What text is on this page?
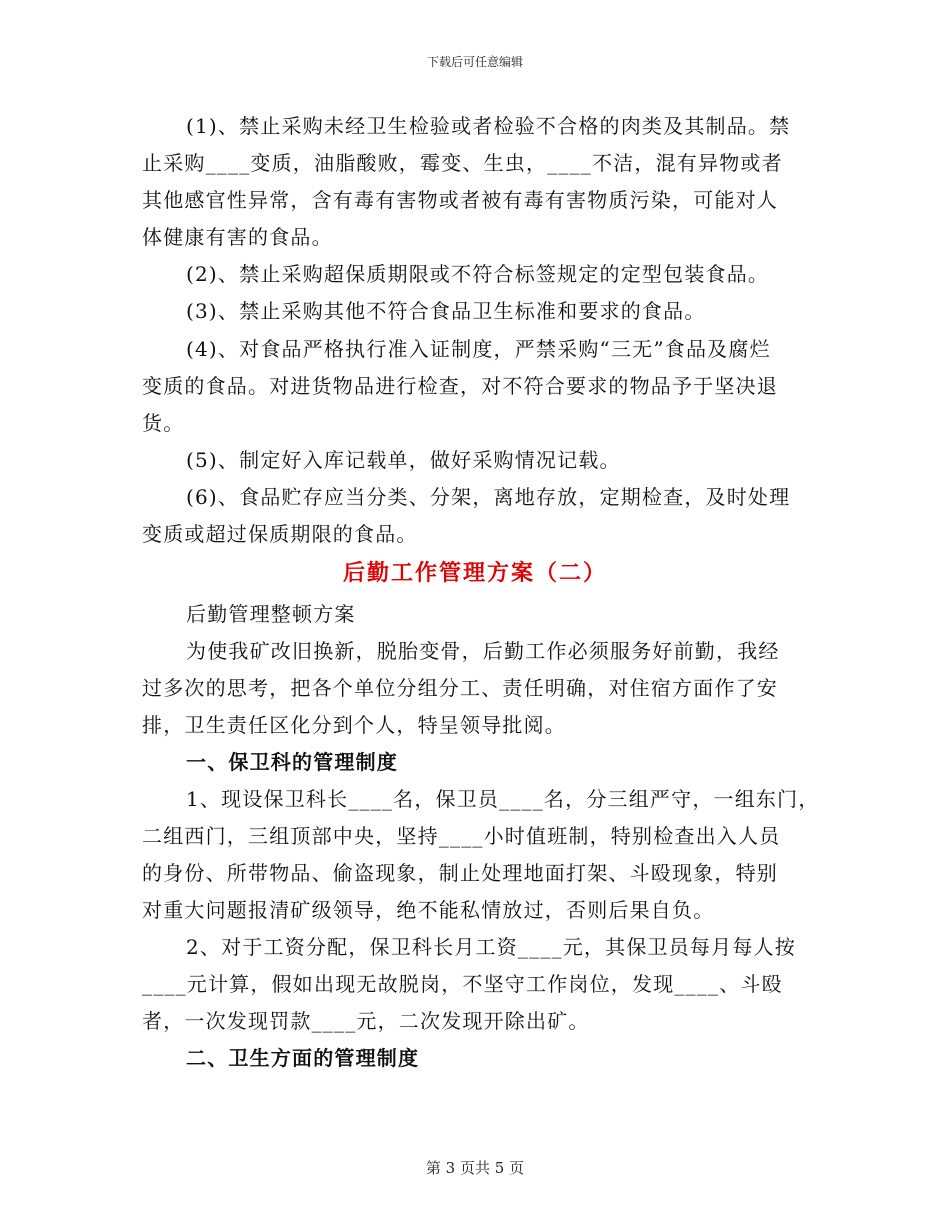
下载后可任意编辑
(1)、禁止采购未经卫生检验或者检验不合格的肉类及其制品。禁
止采购____变质，油脂酸败，霉变、生虫，____不洁，混有异物或者
其他感官性异常，含有毒有害物或者被有毒有害物质污染，可能对人
体健康有害的食品。
(2)、禁止采购超保质期限或不符合标签规定的定型包装食品。
(3)、禁止采购其他不符合食品卫生标准和要求的食品。
(4)、对食品严格执行准入证制度，严禁采购“三无”食品及腐烂
变质的食品。对进货物品进行检查，对不符合要求的物品予于坚决退
货。
(5)、制定好入库记载单，做好采购情况记载。
(6)、食品贮存应当分类、分架，离地存放，定期检查，及时处理
变质或超过保质期限的食品。
后勤工作管理方案（二）
后勤管理整顿方案
为使我矿改旧换新，脱胎变骨，后勤工作必须服务好前勤，我经
过多次的思考，把各个单位分组分工、责任明确，对住宿方面作了安
排，卫生责任区化分到个人，特呈领导批阅。
一、保卫科的管理制度
1、现设保卫科长____名，保卫员____名，分三组严守，一组东门，
二组西门，三组顶部中央，坚持____小时值班制，特别检查出入人员
的身份、所带物品、偷盗现象，制止处理地面打架、斗殴现象，特别
对重大问题报清矿级领导，绝不能私情放过，否则后果自负。
2、对于工资分配，保卫科长月工资____元，其保卫员每月每人按
____元计算，假如出现无故脱岗，不坚守工作岗位，发现____、斗殴
者，一次发现罚款____元，二次发现开除出矿。
二、卫生方面的管理制度
第 3 页共 5 页
